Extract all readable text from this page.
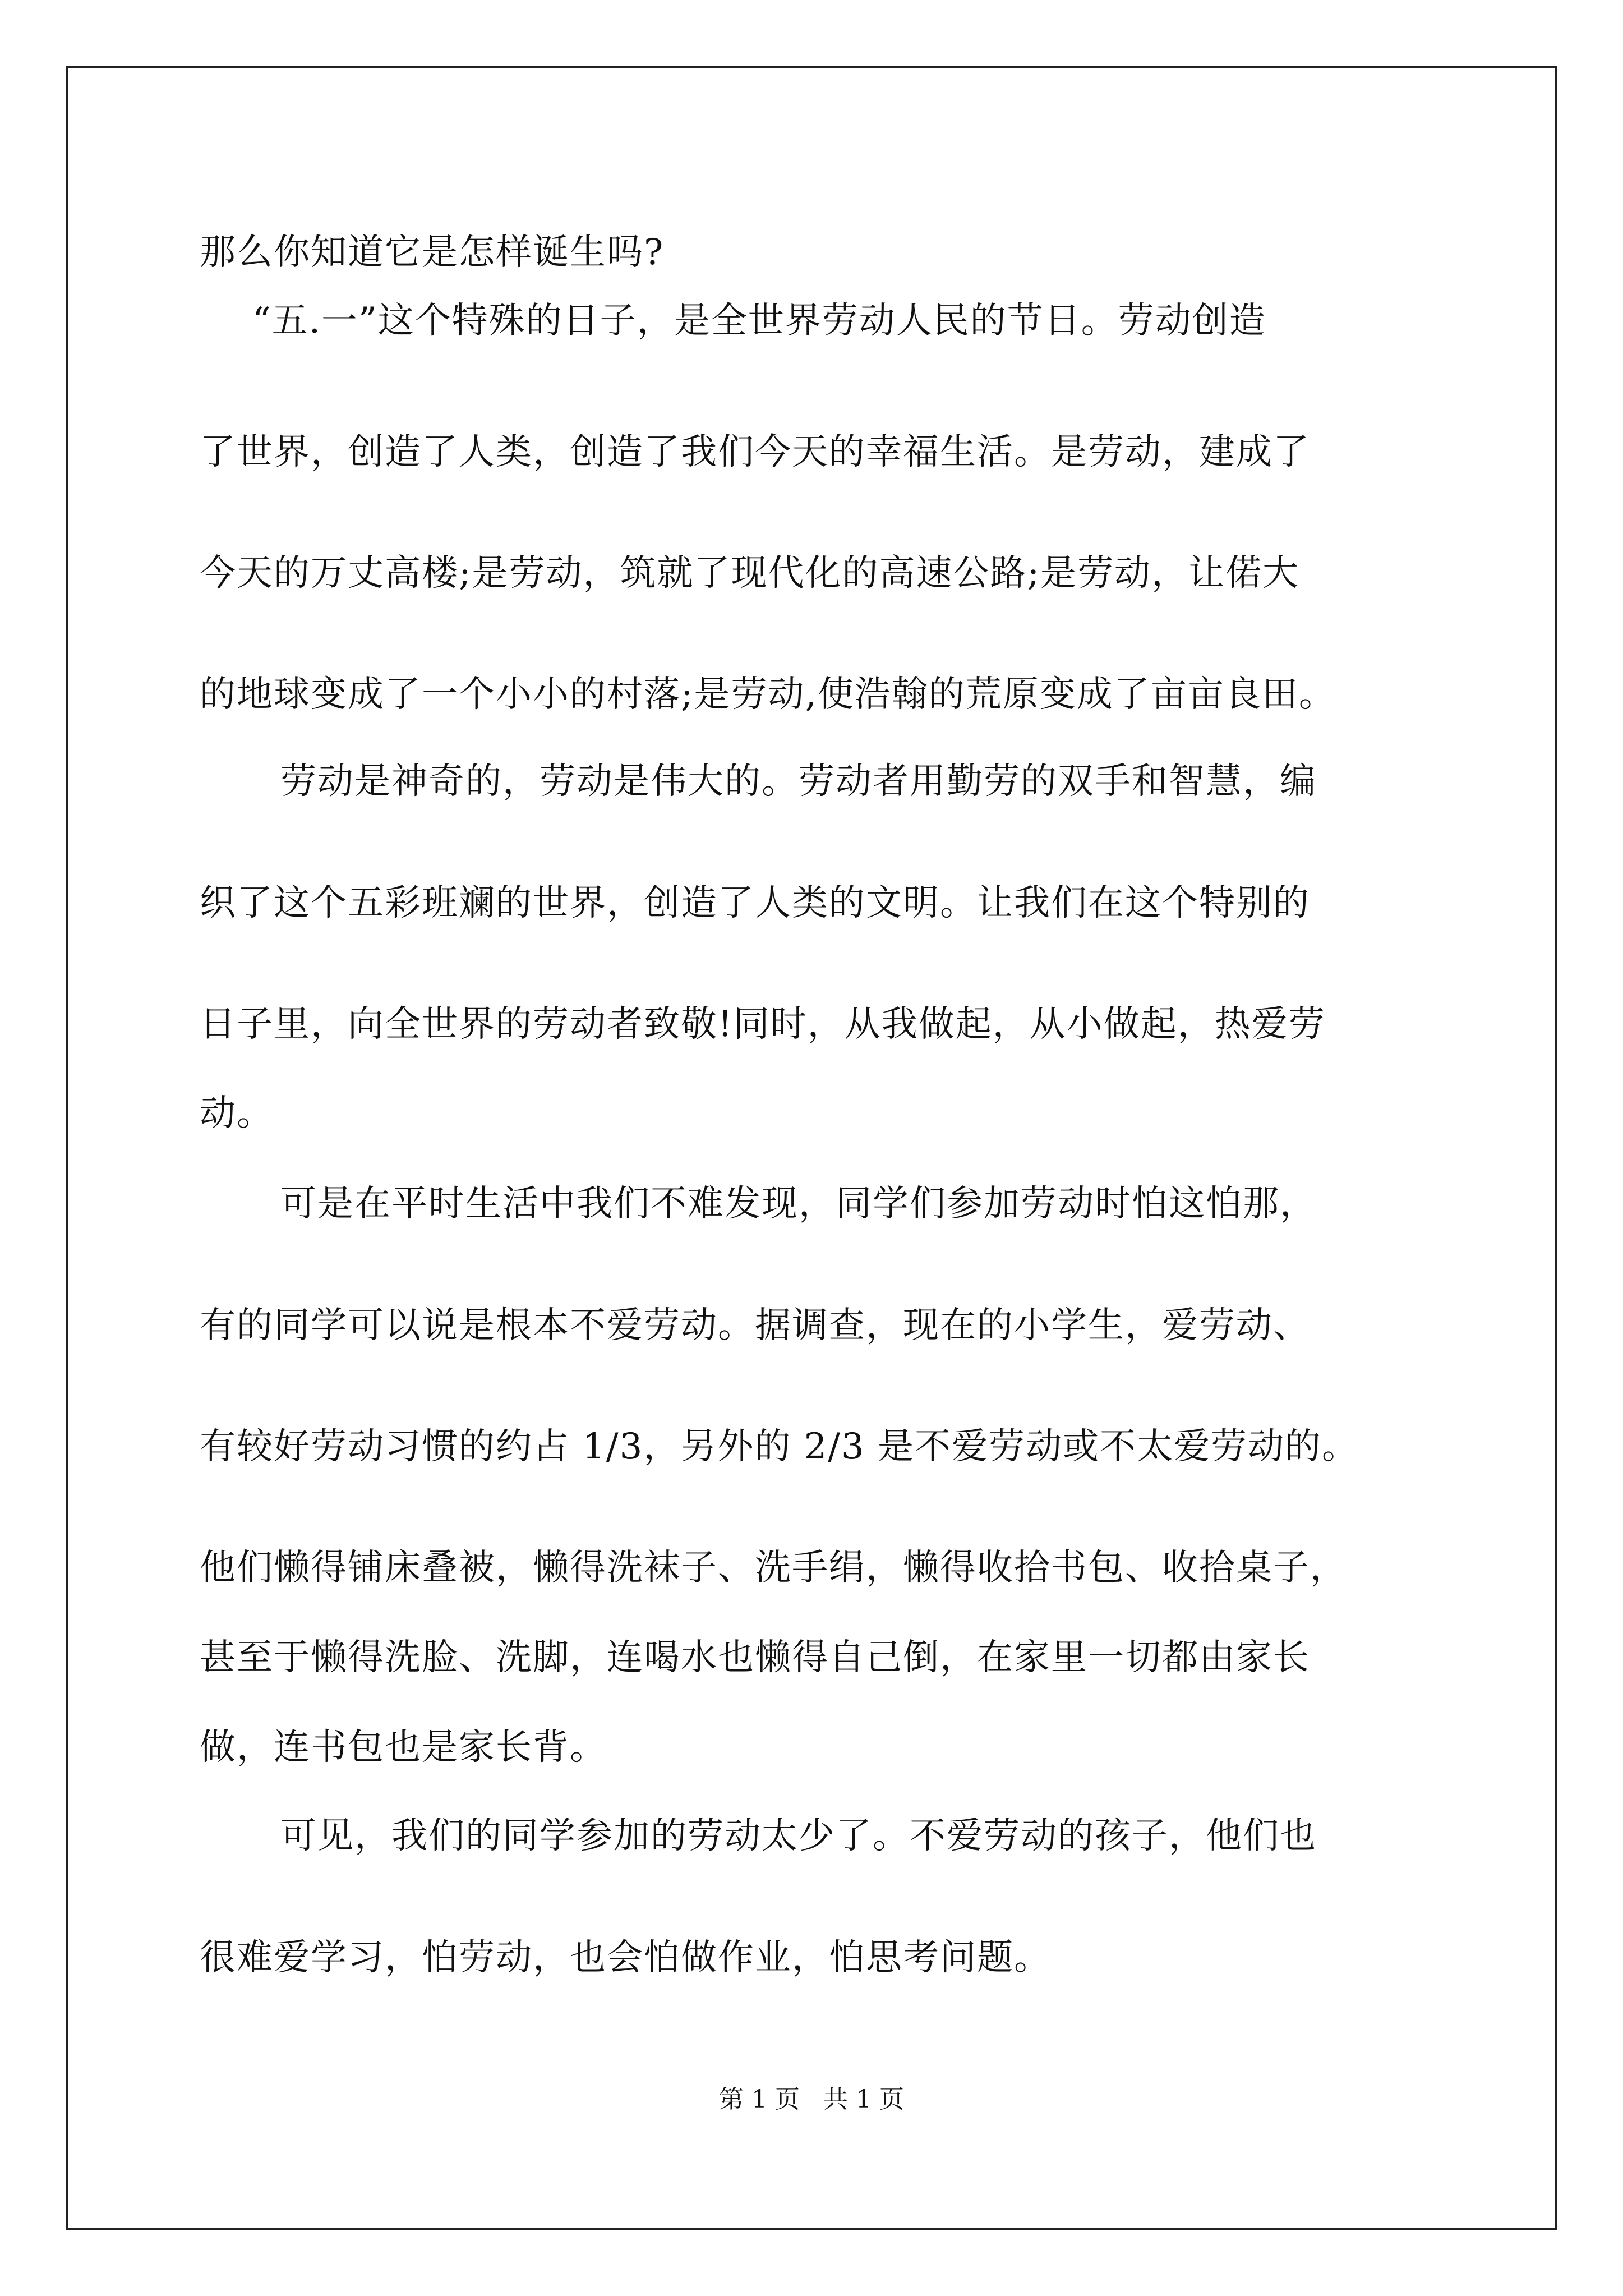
那么你知道它是怎样诞生吗?
“五.一”这个特殊的日子，是全世界劳动人民的节日。劳动创造
了世界，创造了人类，创造了我们今天的幸福生活。是劳动，建成了
今天的万丈高楼;是劳动，筑就了现代化的高速公路;是劳动，让偌大
的地球变成了一个小小的村落;是劳动,使浩翰的荒原变成了亩亩良田。
劳动是神奇的，劳动是伟大的。劳动者用勤劳的双手和智慧，编
织了这个五彩班斓的世界，创造了人类的文明。让我们在这个特别的
日子里，向全世界的劳动者致敬!同时，从我做起，从小做起，热爱劳
动。
可是在平时生活中我们不难发现，同学们参加劳动时怕这怕那，
有的同学可以说是根本不爱劳动。据调查，现在的小学生，爱劳动、
有较好劳动习惯的约占 1/3，另外的 2/3 是不爱劳动或不太爱劳动的。
他们懒得铺床叠被，懒得洗袜子、洗手绢，懒得收拾书包、收拾桌子，
甚至于懒得洗脸、洗脚，连喝水也懒得自己倒，在家里一切都由家长
做，连书包也是家长背。
可见，我们的同学参加的劳动太少了。不爱劳动的孩子，他们也
很难爱学习，怕劳动，也会怕做作业，怕思考问题。
第 1 页   共 1 页
